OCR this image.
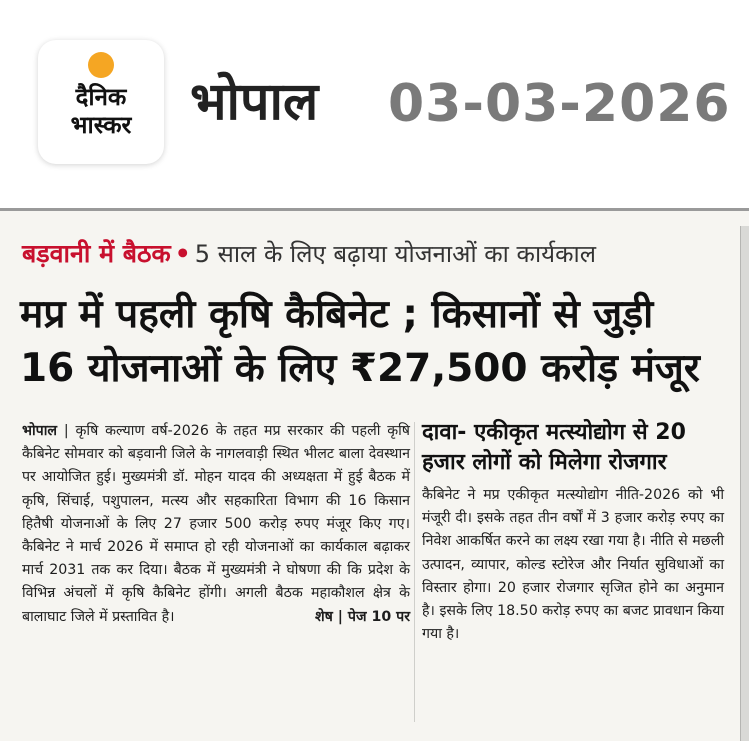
दैनिक
भास्कर	भोपाल 03-03-2026
बड़वानी में बैठक • 5 साल के लिए बढ़ाया योजनाओं का कार्यकाल
मप्र में पहली कृषि कैबिनेट ; किसानों से जुड़ी
16 योजनाओं के लिए ₹27,500 करोड़ मंजूर

भोपाल | कृषि कल्याण वर्ष-2026 के तहत मप्र सरकार की पहली कृषि कैबिनेट सोमवार को बड़वानी जिले के नागलवाड़ी स्थित भीलट बाला देवस्थान पर आयोजित हुई। मुख्यमंत्री डॉ. मोहन यादव की अध्यक्षता में हुई बैठक में कृषि, सिंचाई, पशुपालन, मत्स्य और सहकारिता विभाग की 16 किसान हितैषी योजनाओं के लिए 27 हजार 500 करोड़ रुपए मंजूर किए गए। कैबिनेट ने मार्च 2026 में समाप्त हो रही योजनाओं का कार्यकाल बढ़ाकर मार्च 2031 तक कर दिया। बैठक में मुख्यमंत्री ने घोषणा की कि प्रदेश के विभिन्न अंचलों में कृषि कैबिनेट होंगी। अगली बैठक महाकौशल क्षेत्र के बालाघाट जिले में प्रस्तावित है।	शेष | पेज 10 पर

दावा- एकीकृत मत्स्योद्योग से 20 हजार लोगों को मिलेगा रोजगार
कैबिनेट ने मप्र एकीकृत मत्स्योद्योग नीति-2026 को भी मंजूरी दी। इसके तहत तीन वर्षों में 3 हजार करोड़ रुपए का निवेश आकर्षित करने का लक्ष्य रखा गया है। नीति से मछली उत्पादन, व्यापार, कोल्ड स्टोरेज और निर्यात सुविधाओं का विस्तार होगा। 20 हजार रोजगार सृजित होने का अनुमान है। इसके लिए 18.50 करोड़ रुपए का बजट प्रावधान किया गया है।
